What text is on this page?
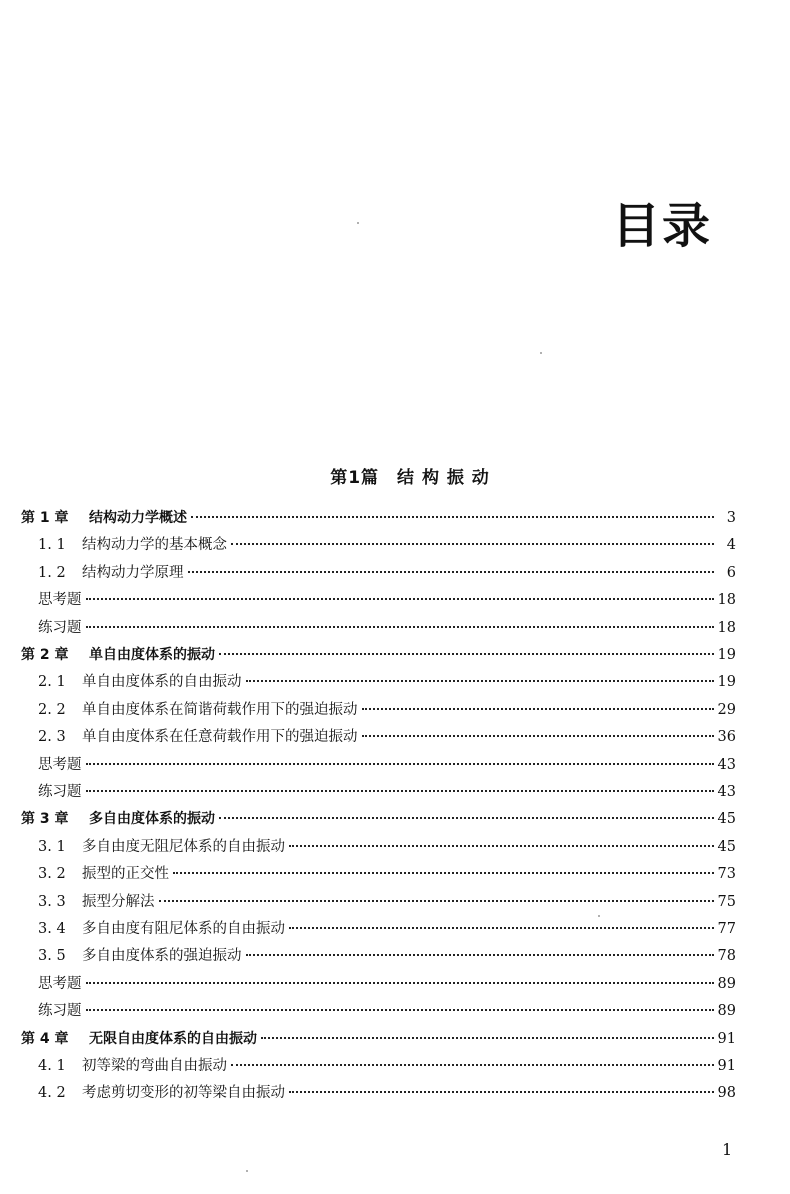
目录
第1篇　结 构 振 动
第 1 章	结构动力学概述	3
1. 1	结构动力学的基本概念	4
1. 2	结构动力学原理	6
思考题	18
练习题	18
第 2 章	单自由度体系的振动	19
2. 1	单自由度体系的自由振动	19
2. 2	单自由度体系在简谐荷载作用下的强迫振动	29
2. 3	单自由度体系在任意荷载作用下的强迫振动	36
思考题	43
练习题	43
第 3 章	多自由度体系的振动	45
3. 1	多自由度无阻尼体系的自由振动	45
3. 2	振型的正交性	73
3. 3	振型分解法	75
3. 4	多自由度有阻尼体系的自由振动	77
3. 5	多自由度体系的强迫振动	78
思考题	89
练习题	89
第 4 章	无限自由度体系的自由振动	91
4. 1	初等梁的弯曲自由振动	91
4. 2	考虑剪切变形的初等梁自由振动	98
1
